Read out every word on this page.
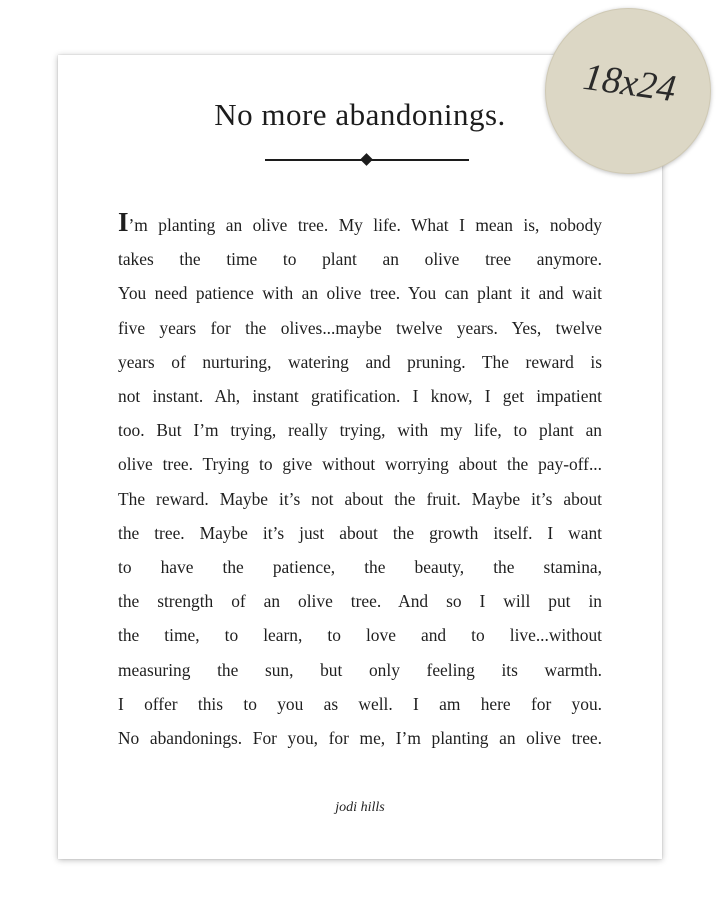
No more abandonings.
I’m planting an olive tree. My life. What I mean is, nobody
takes the time to plant an olive tree anymore.
You need patience with an olive tree. You can plant it and wait
five years for the olives...maybe twelve years. Yes, twelve
years of nurturing, watering and pruning. The reward is
not instant. Ah, instant gratification. I know, I get impatient
too. But I’m trying, really trying, with my life, to plant an
olive tree. Trying to give without worrying about the pay-off...
The reward. Maybe it’s not about the fruit. Maybe it’s about
the tree. Maybe it’s just about the growth itself. I want
to have the patience, the beauty, the stamina,
the strength of an olive tree. And so I will put in
the time, to learn, to love and to live...without
measuring the sun, but only feeling its warmth.
I offer this to you as well. I am here for you.
No abandonings. For you, for me, I’m planting an olive tree.
jodi hills
18x24
